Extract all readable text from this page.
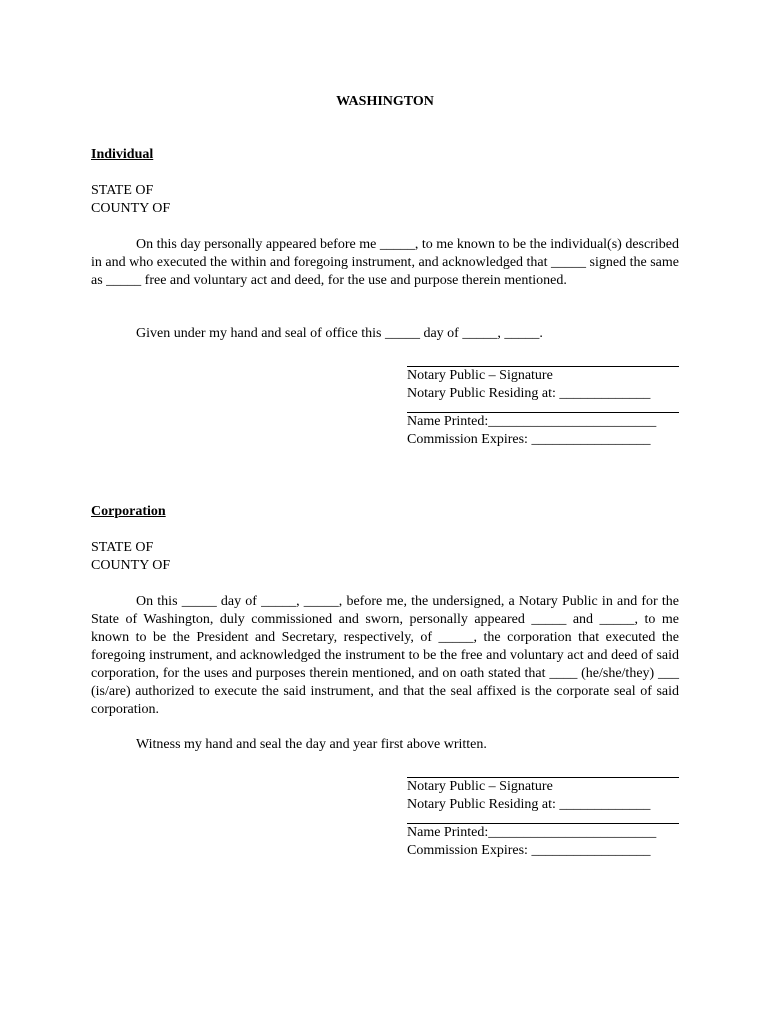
WASHINGTON
Individual
STATE OF
COUNTY OF
On this day personally appeared before me _____, to me known to be the individual(s) described in and who executed the within and foregoing instrument, and acknowledged that _____ signed the same as _____ free and voluntary act and deed, for the use and purpose therein mentioned.
Given under my hand and seal of office this _____ day of _____, _____.
Notary Public – Signature
Notary Public Residing at: _____________
Name Printed:________________________
Commission Expires: _________________
Corporation
STATE OF
COUNTY OF
On this _____ day of _____, _____, before me, the undersigned, a Notary Public in and for the State of Washington, duly commissioned and sworn, personally appeared _____ and _____, to me known to be the President and Secretary, respectively, of _____, the corporation that executed the foregoing instrument, and acknowledged the instrument to be the free and voluntary act and deed of said corporation, for the uses and purposes therein mentioned, and on oath stated that ____ (he/she/they) ___ (is/are) authorized to execute the said instrument, and that the seal affixed is the corporate seal of said corporation.
Witness my hand and seal the day and year first above written.
Notary Public – Signature
Notary Public Residing at: _____________
Name Printed:________________________
Commission Expires: _________________
